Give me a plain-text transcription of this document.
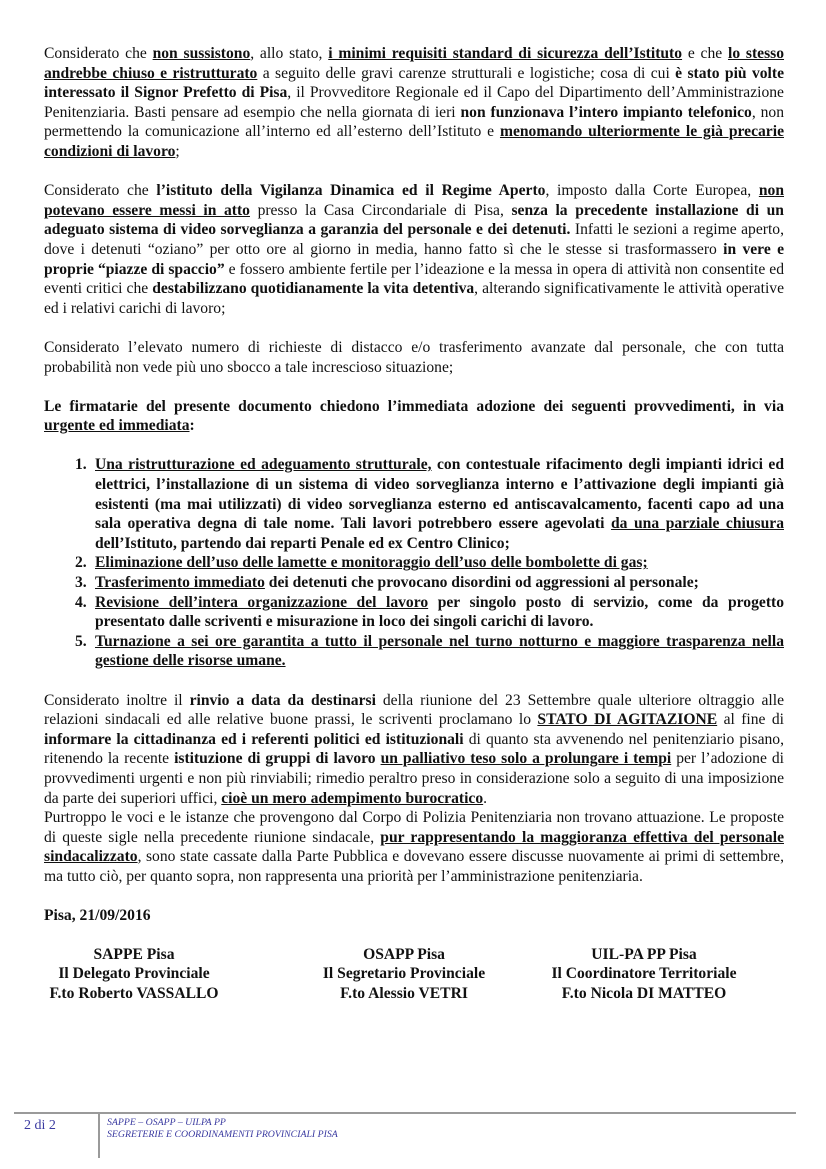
Considerato che non sussistono, allo stato, i minimi requisiti standard di sicurezza dell’Istituto e che lo stesso andrebbe chiuso e ristrutturato a seguito delle gravi carenze strutturali e logistiche; cosa di cui è stato più volte interessato il Signor Prefetto di Pisa, il Provveditore Regionale ed il Capo del Dipartimento dell’Amministrazione Penitenziaria. Basti pensare ad esempio che nella giornata di ieri non funzionava l’intero impianto telefonico, non permettendo la comunicazione all’interno ed all’esterno dell’Istituto e menomando ulteriormente le già precarie condizioni di lavoro;

Considerato che l’istituto della Vigilanza Dinamica ed il Regime Aperto, imposto dalla Corte Europea, non potevano essere messi in atto presso la Casa Circondariale di Pisa, senza la precedente installazione di un adeguato sistema di video sorveglianza a garanzia del personale e dei detenuti. Infatti le sezioni a regime aperto, dove i detenuti “oziano” per otto ore al giorno in media, hanno fatto sì che le stesse si trasformassero in vere e proprie “piazze di spaccio” e fossero ambiente fertile per l’ideazione e la messa in opera di attività non consentite ed eventi critici che destabilizzano quotidianamente la vita detentiva, alterando significativamente le attività operative ed i relativi carichi di lavoro;

Considerato l’elevato numero di richieste di distacco e/o trasferimento avanzate dal personale, che con tutta probabilità non vede più uno sbocco a tale increscioso situazione;

Le firmatarie del presente documento chiedono l’immediata adozione dei seguenti provvedimenti, in via urgente ed immediata:

1. Una ristrutturazione ed adeguamento strutturale, con contestuale rifacimento degli impianti idrici ed elettrici, l’installazione di un sistema di video sorveglianza interno e l’attivazione degli impianti già esistenti (ma mai utilizzati) di video sorveglianza esterno ed antiscavalcamento, facenti capo ad una sala operativa degna di tale nome. Tali lavori potrebbero essere agevolati da una parziale chiusura dell’Istituto, partendo dai reparti Penale ed ex Centro Clinico;
2. Eliminazione dell’uso delle lamette e monitoraggio dell’uso delle bombolette di gas;
3. Trasferimento immediato dei detenuti che provocano disordini od aggressioni al personale;
4. Revisione dell’intera organizzazione del lavoro per singolo posto di servizio, come da progetto presentato dalle scriventi e misurazione in loco dei singoli carichi di lavoro.
5. Turnazione a sei ore garantita a tutto il personale nel turno notturno e maggiore trasparenza nella gestione delle risorse umane.

Considerato inoltre il rinvio a data da destinarsi della riunione del 23 Settembre quale ulteriore oltraggio alle relazioni sindacali ed alle relative buone prassi, le scriventi proclamano lo STATO DI AGITAZIONE al fine di informare la cittadinanza ed i referenti politici ed istituzionali di quanto sta avvenendo nel penitenziario pisano, ritenendo la recente istituzione di gruppi di lavoro un palliativo teso solo a prolungare i tempi per l’adozione di provvedimenti urgenti e non più rinviabili; rimedio peraltro preso in considerazione solo a seguito di una imposizione da parte dei superiori uffici, cioè un mero adempimento burocratico.

Purtroppo le voci e le istanze che provengono dal Corpo di Polizia Penitenziaria non trovano attuazione. Le proposte di queste sigle nella precedente riunione sindacale, pur rappresentando la maggioranza effettiva del personale sindacalizzato, sono state cassate dalla Parte Pubblica e dovevano essere discusse nuovamente ai primi di settembre, ma tutto ciò, per quanto sopra, non rappresenta una priorità per l’amministrazione penitenziaria.

Pisa, 21/09/2016

SAPPE Pisa
Il Delegato Provinciale
F.to Roberto VASSALLO
OSAPP Pisa
Il Segretario Provinciale
F.to Alessio VETRI
UIL-PA PP Pisa
Il Coordinatore Territoriale
F.to Nicola DI MATTEO
2 di 2	SAPPE – OSAPP – UILPA PP
SEGRETERIE E COORDINAMENTI PROVINCIALI PISA
